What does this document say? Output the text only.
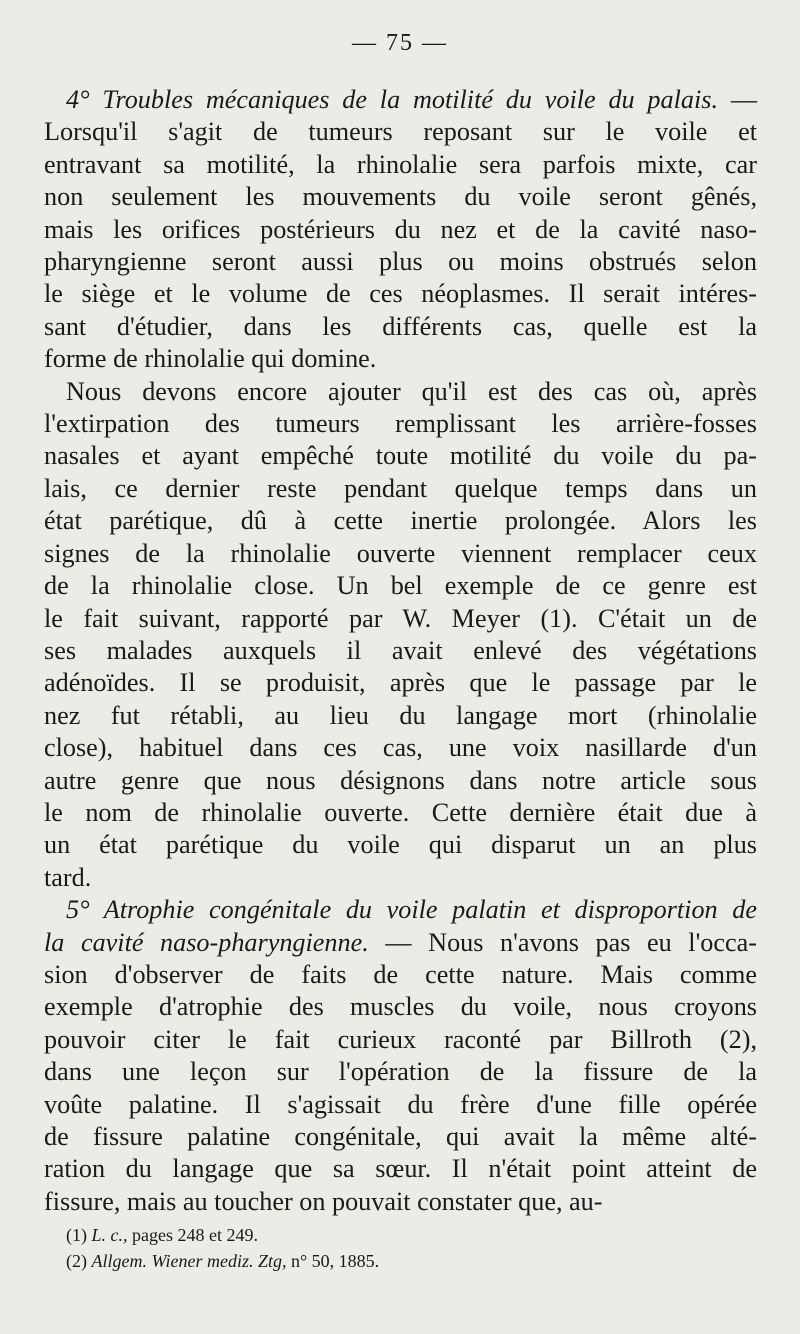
— 75 —

4° Troubles mécaniques de la motilité du voile du palais. —
Lorsqu'il s'agit de tumeurs reposant sur le voile et
entravant sa motilité, la rhinolalie sera parfois mixte, car
non seulement les mouvements du voile seront gênés,
mais les orifices postérieurs du nez et de la cavité naso-
pharyngienne seront aussi plus ou moins obstrués selon
le siège et le volume de ces néoplasmes. Il serait intéres-
sant d'étudier, dans les différents cas, quelle est la
forme de rhinolalie qui domine.

Nous devons encore ajouter qu'il est des cas où, après
l'extirpation des tumeurs remplissant les arrière-fosses
nasales et ayant empêché toute motilité du voile du pa-
lais, ce dernier reste pendant quelque temps dans un
état parétique, dû à cette inertie prolongée. Alors les
signes de la rhinolalie ouverte viennent remplacer ceux
de la rhinolalie close. Un bel exemple de ce genre est
le fait suivant, rapporté par W. Meyer (1). C'était un de
ses malades auxquels il avait enlevé des végétations
adénoïdes. Il se produisit, après que le passage par le
nez fut rétabli, au lieu du langage mort (rhinolalie
close), habituel dans ces cas, une voix nasillarde d'un
autre genre que nous désignons dans notre article sous
le nom de rhinolalie ouverte. Cette dernière était due à
un état parétique du voile qui disparut un an plus
tard.

5° Atrophie congénitale du voile palatin et disproportion de
la cavité naso-pharyngienne. — Nous n'avons pas eu l'occa-
sion d'observer de faits de cette nature. Mais comme
exemple d'atrophie des muscles du voile, nous croyons
pouvoir citer le fait curieux raconté par Billroth (2),
dans une leçon sur l'opération de la fissure de la
voûte palatine. Il s'agissait du frère d'une fille opérée
de fissure palatine congénitale, qui avait la même alté-
ration du langage que sa sœur. Il n'était point atteint de
fissure, mais au toucher on pouvait constater que, au-

(1) L. c., pages 248 et 249.
(2) Allgem. Wiener mediz. Ztg, n° 50, 1885.
